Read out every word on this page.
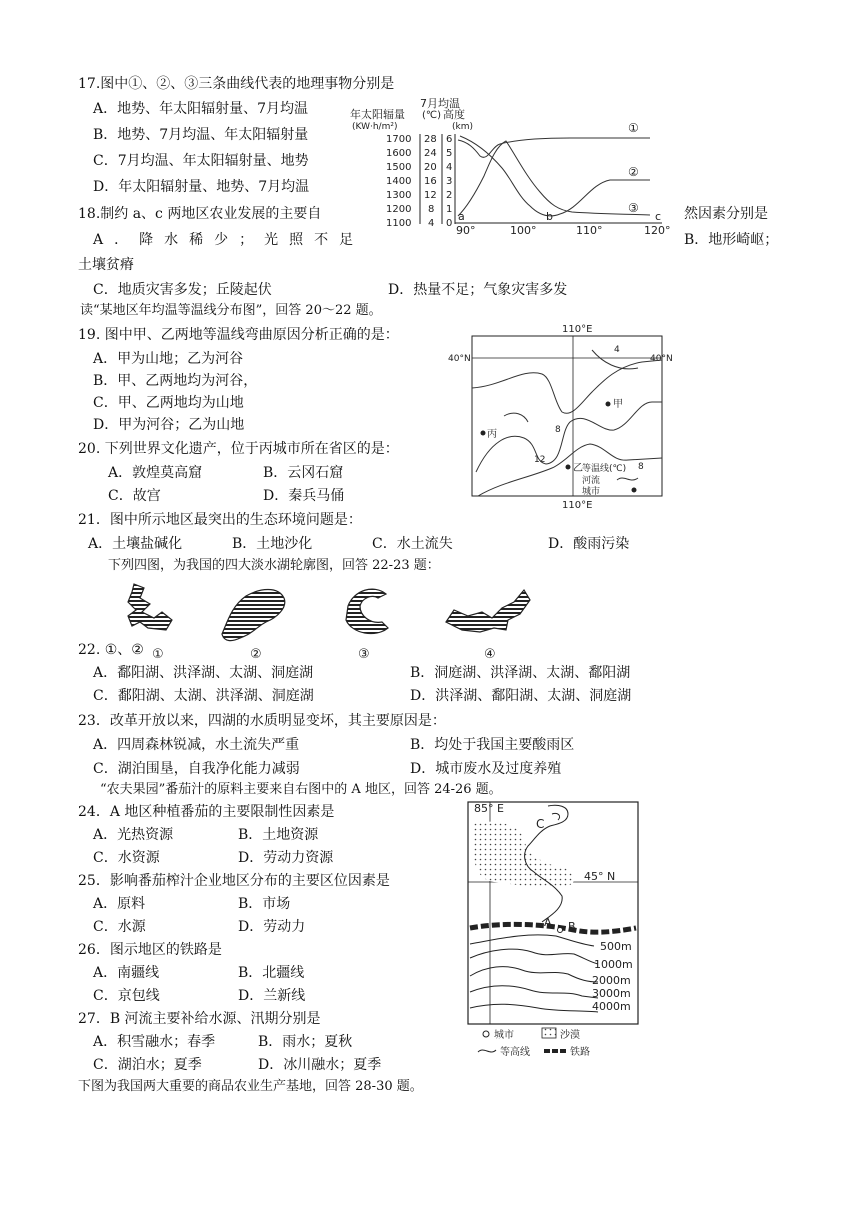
17.图中①、②、③三条曲线代表的地理事物分别是
A．地势、年太阳辐射量、7月均温
B．地势、7月均温、年太阳辐射量
C．7月均温、年太阳辐射量、地势
D．年太阳辐射量、地势、7月均温
7月均温
年太阳辐量 (℃) 高度
(KW·h/m²)	(km)
1700
1600
1500
1400
1300
1200
1100
28
24
20
16
12
8
4
6
5
4
3
2
1
0
①
②
③
a	b	c
90°	100°	110°	120°
18.制约 a、c 两地区农业发展的主要自	然因素分别是
A．降水稀少；光照不足	B．地形崎岖；
土壤贫瘠
C．地质灾害多发；丘陵起伏	D．热量不足；气象灾害多发
读“某地区年均温等温线分布图”，回答 20～22 题。
19. 图中甲、乙两地等温线弯曲原因分析正确的是：
A．甲为山地；乙为河谷
B．甲、乙两地均为河谷，
C．甲、乙两地均为山地
D．甲为河谷；乙为山地
110°E
40°N	40°N
110°E
4
8
12
甲
丙
乙 等温线(℃) 8
河流
城市
20. 下列世界文化遗产，位于丙城市所在省区的是：
A．敦煌莫高窟	B．云冈石窟
C．故宫	D．秦兵马俑
21．图中所示地区最突出的生态环境问题是：
A．土壤盐碱化	B．土地沙化	C．水土流失	D．酸雨污染
下列四图，为我国的四大淡水湖轮廓图，回答 22-23 题：
①	②	③	④
22. ①、②
A．鄱阳湖、洪泽湖、太湖、洞庭湖	B．洞庭湖、洪泽湖、太湖、鄱阳湖
C．鄱阳湖、太湖、洪泽湖、洞庭湖	D．洪泽湖、鄱阳湖、太湖、洞庭湖
23．改革开放以来，四湖的水质明显变坏，其主要原因是：
A．四周森林锐减，水土流失严重	B．均处于我国主要酸雨区
C．湖泊围垦，自我净化能力减弱	D．城市废水及过度养殖
“农夫果园”番茄汁的原料主要来自右图中的 A 地区，回答 24-26 题。
24．A 地区种植番茄的主要限制性因素是
A．光热资源	B．土地资源
C．水资源	D．劳动力资源
25．影响番茄榨汁企业地区分布的主要区位因素是
A．原料	B．市场
C．水源	D．劳动力
26．图示地区的铁路是
A．南疆线	B．北疆线
C．京包线	D．兰新线
27．B 河流主要补给水源、汛期分别是
A．积雪融水；春季	B．雨水；夏秋
C．湖泊水；夏季	D．冰川融水；夏季
下图为我国两大重要的商品农业生产基地，回答 28-30 题。
85° E
45° N
C
A B
500m
1000m
2000m
3000m
4000m
城市	沙漠
等高线	铁路
